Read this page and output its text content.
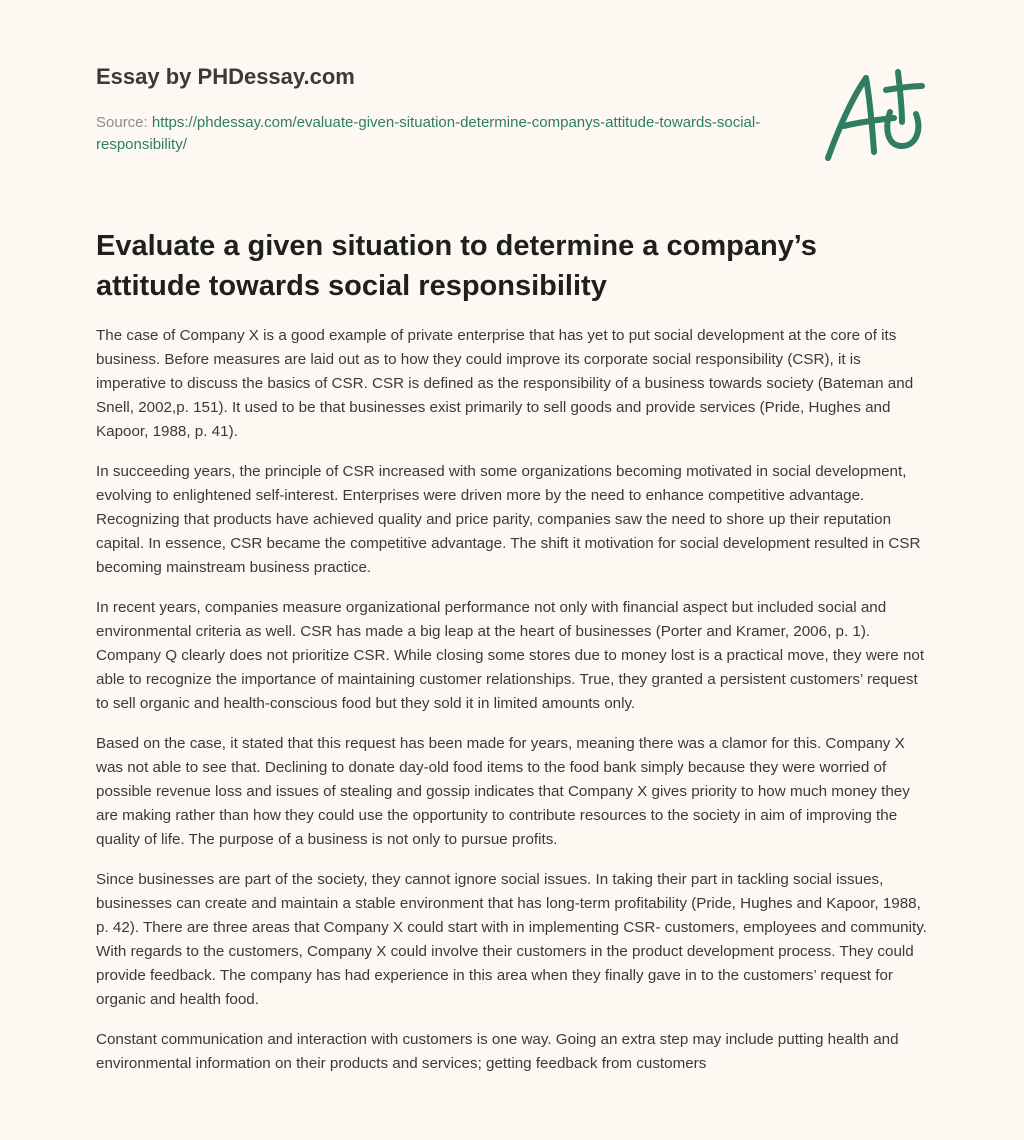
Essay by PHDessay.com

Source: https://phdessay.com/evaluate-given-situation-determine-companys-attitude-towards-social-responsibility/

Evaluate a given situation to determine a company’s attitude towards social responsibility

The case of Company X is a good example of private enterprise that has yet to put social development at the core of its business. Before measures are laid out as to how they could improve its corporate social responsibility (CSR), it is imperative to discuss the basics of CSR. CSR is defined as the responsibility of a business towards society (Bateman and Snell, 2002,p. 151). It used to be that businesses exist primarily to sell goods and provide services (Pride, Hughes and Kapoor, 1988, p. 41).

In succeeding years, the principle of CSR increased with some organizations becoming motivated in social development, evolving to enlightened self-interest. Enterprises were driven more by the need to enhance competitive advantage. Recognizing that products have achieved quality and price parity, companies saw the need to shore up their reputation capital. In essence, CSR became the competitive advantage. The shift it motivation for social development resulted in CSR becoming mainstream business practice.

In recent years, companies measure organizational performance not only with financial aspect but included social and environmental criteria as well. CSR has made a big leap at the heart of businesses (Porter and Kramer, 2006, p. 1). Company Q clearly does not prioritize CSR. While closing some stores due to money lost is a practical move, they were not able to recognize the importance of maintaining customer relationships. True, they granted a persistent customers’ request to sell organic and health-conscious food but they sold it in limited amounts only.

Based on the case, it stated that this request has been made for years, meaning there was a clamor for this. Company X was not able to see that. Declining to donate day-old food items to the food bank simply because they were worried of possible revenue loss and issues of stealing and gossip indicates that Company X gives priority to how much money they are making rather than how they could use the opportunity to contribute resources to the society in aim of improving the quality of life. The purpose of a business is not only to pursue profits.

Since businesses are part of the society, they cannot ignore social issues. In taking their part in tackling social issues, businesses can create and maintain a stable environment that has long-term profitability (Pride, Hughes and Kapoor, 1988, p. 42). There are three areas that Company X could start with in implementing CSR- customers, employees and community. With regards to the customers, Company X could involve their customers in the product development process. They could provide feedback. The company has had experience in this area when they finally gave in to the customers’ request for organic and health food.

Constant communication and interaction with customers is one way. Going an extra step may include putting health and environmental information on their products and services; getting feedback from customers
